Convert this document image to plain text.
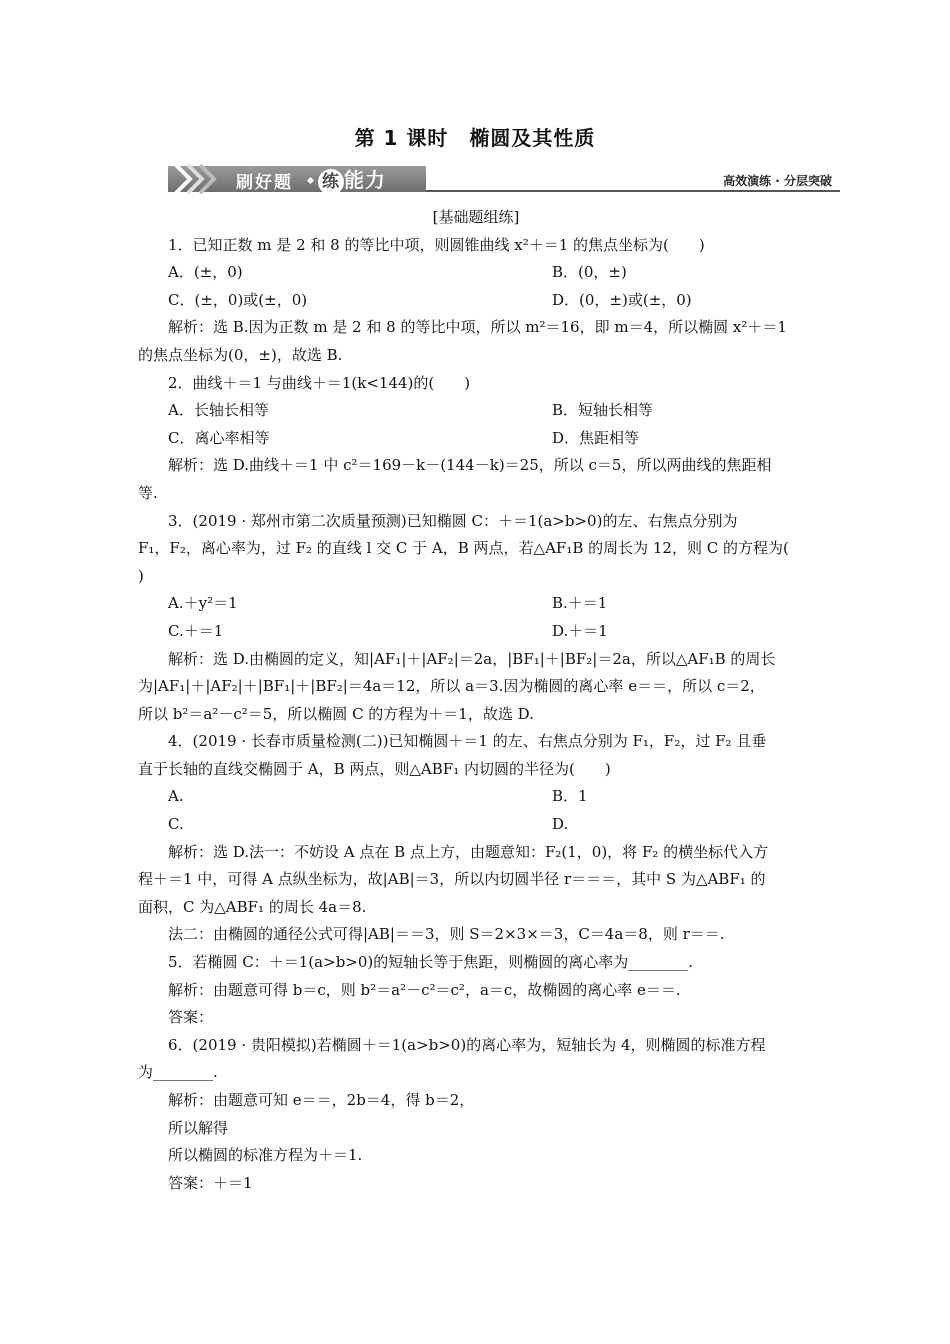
第 1 课时　椭圆及其性质
刷好题 练 能力	高效演练 · 分层突破
[基础题组练]
1．已知正数 m 是 2 和 8 的等比中项，则圆锥曲线 x²＋＝1 的焦点坐标为(　　)
A．(±，0)	B．(0，±)
C．(±，0)或(±，0)	D．(0，±)或(±，0)
解析：选 B.因为正数 m 是 2 和 8 的等比中项，所以 m²＝16，即 m＝4，所以椭圆 x²＋＝1
的焦点坐标为(0，±)，故选 B.
2．曲线＋＝1 与曲线＋＝1(k<144)的(　　)
A．长轴长相等	B．短轴长相等
C．离心率相等	D．焦距相等
解析：选 D.曲线＋＝1 中 c²＝169－k－(144－k)＝25，所以 c＝5，所以两曲线的焦距相
等.
3．(2019 · 郑州市第二次质量预测)已知椭圆 C：＋＝1(a>b>0)的左、右焦点分别为
F₁，F₂，离心率为，过 F₂ 的直线 l 交 C 于 A，B 两点，若△AF₁B 的周长为 12，则 C 的方程为(
)
A.＋y²＝1	B.＋＝1
C.＋＝1	D.＋＝1
解析：选 D.由椭圆的定义，知|AF₁|＋|AF₂|＝2a，|BF₁|＋|BF₂|＝2a，所以△AF₁B 的周长
为|AF₁|＋|AF₂|＋|BF₁|＋|BF₂|＝4a＝12，所以 a＝3.因为椭圆的离心率 e＝＝，所以 c＝2，
所以 b²＝a²－c²＝5，所以椭圆 C 的方程为＋＝1，故选 D.
4．(2019 · 长春市质量检测(二))已知椭圆＋＝1 的左、右焦点分别为 F₁，F₂，过 F₂ 且垂
直于长轴的直线交椭圆于 A，B 两点，则△ABF₁ 内切圆的半径为(　　)
A.	B．1
C.	D.
解析：选 D.法一：不妨设 A 点在 B 点上方，由题意知：F₂(1，0)，将 F₂ 的横坐标代入方
程＋＝1 中，可得 A 点纵坐标为，故|AB|＝3，所以内切圆半径 r＝＝＝，其中 S 为△ABF₁ 的
面积，C 为△ABF₁ 的周长 4a＝8.
法二：由椭圆的通径公式可得|AB|＝＝3，则 S＝2×3×＝3，C＝4a＝8，则 r＝＝.
5．若椭圆 C：＋＝1(a>b>0)的短轴长等于焦距，则椭圆的离心率为________.
解析：由题意可得 b＝c，则 b²＝a²－c²＝c²，a＝c，故椭圆的离心率 e＝＝.
答案：
6．(2019 · 贵阳模拟)若椭圆＋＝1(a>b>0)的离心率为，短轴长为 4，则椭圆的标准方程
为________.
解析：由题意可知 e＝＝，2b＝4，得 b＝2，
所以解得
所以椭圆的标准方程为＋＝1.
答案：＋＝1
